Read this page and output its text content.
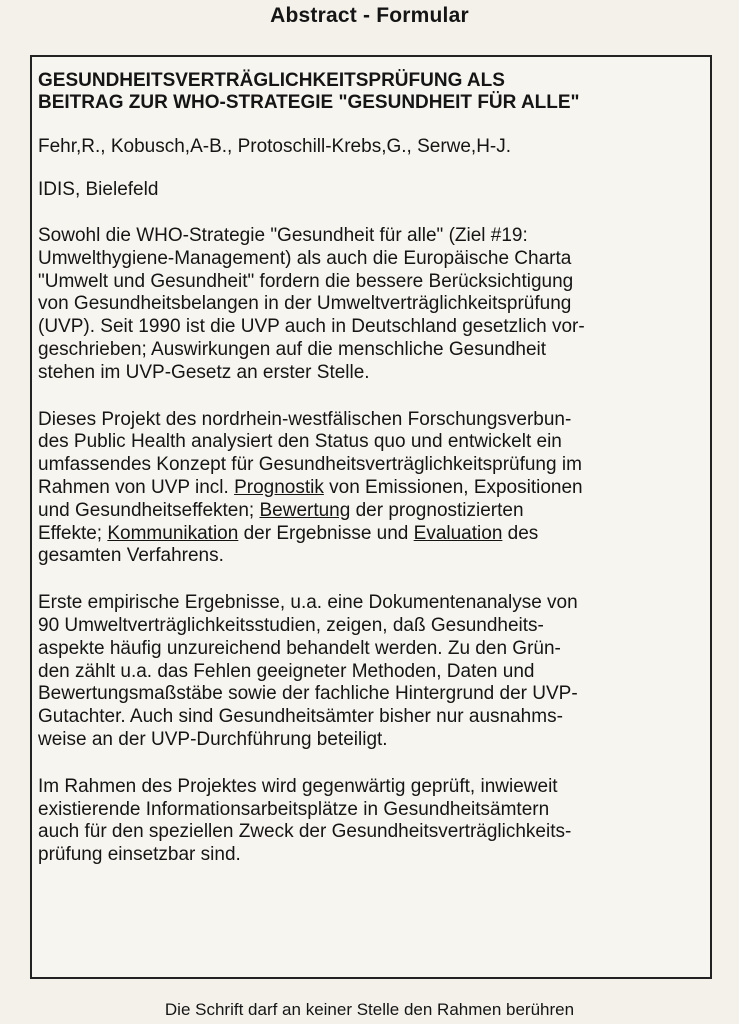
Abstract - Formular
GESUNDHEITSVERTRÄGLICHKEITSPRÜFUNG ALS
BEITRAG ZUR WHO-STRATEGIE "GESUNDHEIT FÜR ALLE"

Fehr,R., Kobusch,A-B., Protoschill-Krebs,G., Serwe,H-J.

IDIS, Bielefeld

Sowohl die WHO-Strategie "Gesundheit für alle" (Ziel #19:
Umwelthygiene-Management) als auch die Europäische Charta
"Umwelt und Gesundheit" fordern die bessere Berücksichtigung
von Gesundheitsbelangen in der Umweltverträglichkeitsprüfung
(UVP). Seit 1990 ist die UVP auch in Deutschland gesetzlich vor-
geschrieben; Auswirkungen auf die menschliche Gesundheit
stehen im UVP-Gesetz an erster Stelle.

Dieses Projekt des nordrhein-westfälischen Forschungsverbun-
des Public Health analysiert den Status quo und entwickelt ein
umfassendes Konzept für Gesundheitsverträglichkeitsprüfung im
Rahmen von UVP incl. Prognostik von Emissionen, Expositionen
und Gesundheitseffekten; Bewertung der prognostizierten
Effekte; Kommunikation der Ergebnisse und Evaluation des
gesamten Verfahrens.

Erste empirische Ergebnisse, u.a. eine Dokumentenanalyse von
90 Umweltverträglichkeitsstudien, zeigen, daß Gesundheits-
aspekte häufig unzureichend behandelt werden. Zu den Grün-
den zählt u.a. das Fehlen geeigneter Methoden, Daten und
Bewertungsmaßstäbe sowie der fachliche Hintergrund der UVP-
Gutachter. Auch sind Gesundheitsämter bisher nur ausnahms-
weise an der UVP-Durchführung beteiligt.

Im Rahmen des Projektes wird gegenwärtig geprüft, inwieweit
existierende Informationsarbeitsplätze in Gesundheitsämtern
auch für den speziellen Zweck der Gesundheitsverträglichkeits-
prüfung einsetzbar sind.

Die Schrift darf an keiner Stelle den Rahmen berühren
